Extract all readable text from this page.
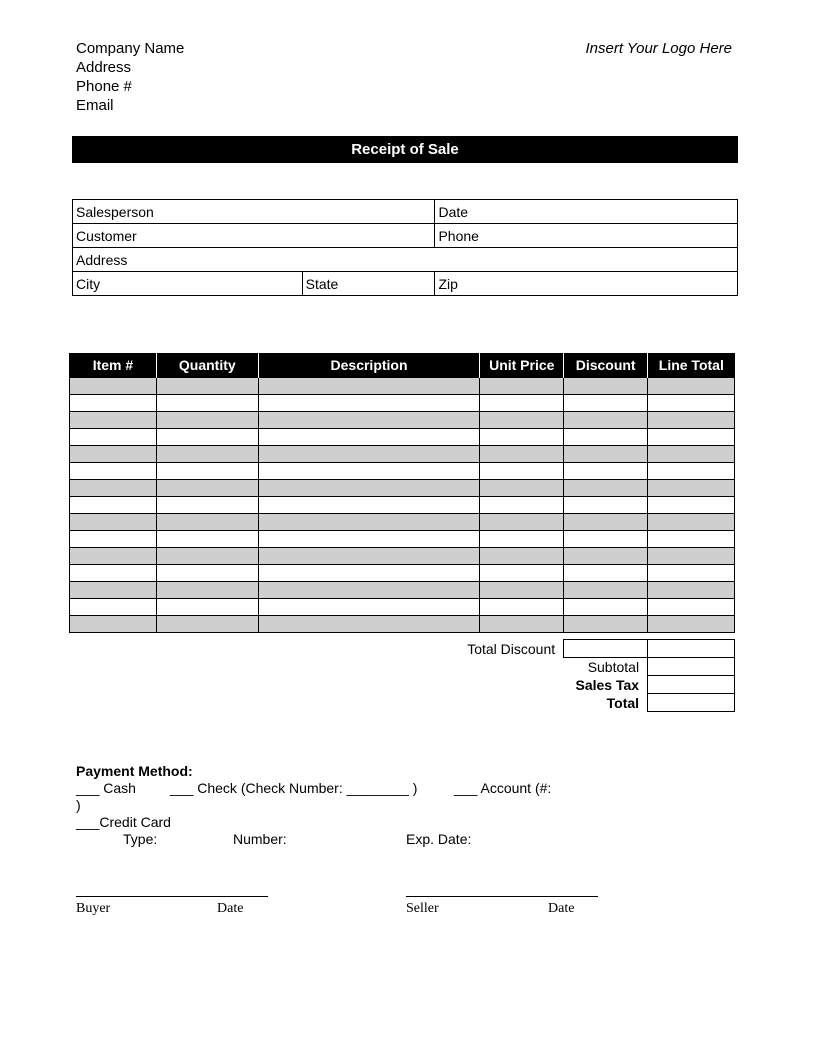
Company Name
Address
Phone #
Email
Insert Your Logo Here
Receipt of Sale
Salesperson		Date
Customer		Phone
Address		
City	State	Zip
Item #	Quantity	Description	Unit Price	Discount	Line Total

Total Discount		
Subtotal		
Sales Tax		
Total		
Payment Method:
___ Cash ___ Check (Check Number: ________ )	___ Account (#:
)
___Credit Card
Type:	Number:	Exp. Date:
Buyer	Date	Seller	Date
